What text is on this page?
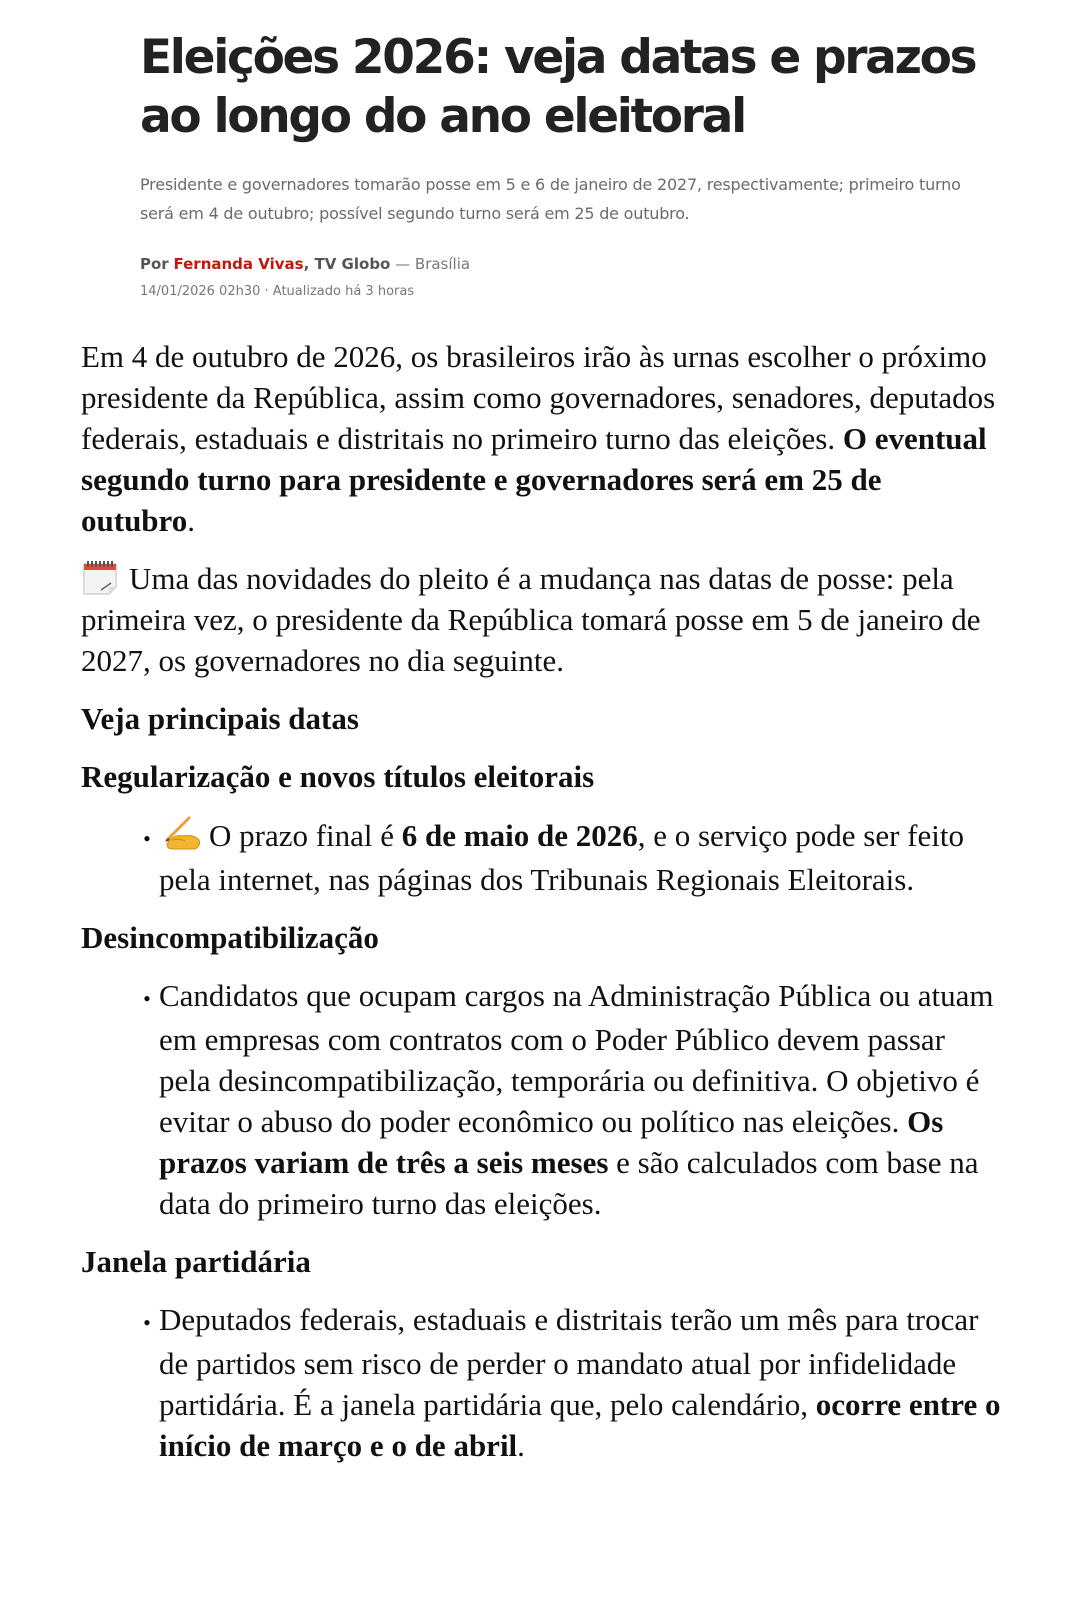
Eleições 2026: veja datas e prazos ao longo do ano eleitoral

Presidente e governadores tomarão posse em 5 e 6 de janeiro de 2027, respectivamente; primeiro turno será em 4 de outubro; possível segundo turno será em 25 de outubro.

Por Fernanda Vivas, TV Globo — Brasília
14/01/2026 02h30 · Atualizado há 3 horas

Em 4 de outubro de 2026, os brasileiros irão às urnas escolher o próximo presidente da República, assim como governadores, senadores, deputados federais, estaduais e distritais no primeiro turno das eleições. O eventual segundo turno para presidente e governadores será em 25 de outubro.

Uma das novidades do pleito é a mudança nas datas de posse: pela primeira vez, o presidente da República tomará posse em 5 de janeiro de 2027, os governadores no dia seguinte.

Veja principais datas
Regularização e novos títulos eleitorais
• O prazo final é 6 de maio de 2026, e o serviço pode ser feito pela internet, nas páginas dos Tribunais Regionais Eleitorais.
Desincompatibilização
• Candidatos que ocupam cargos na Administração Pública ou atuam em empresas com contratos com o Poder Público devem passar pela desincompatibilização, temporária ou definitiva. O objetivo é evitar o abuso do poder econômico ou político nas eleições. Os prazos variam de três a seis meses e são calculados com base na data do primeiro turno das eleições.
Janela partidária
• Deputados federais, estaduais e distritais terão um mês para trocar de partidos sem risco de perder o mandato atual por infidelidade partidária. É a janela partidária que, pelo calendário, ocorre entre o início de março e o de abril.
